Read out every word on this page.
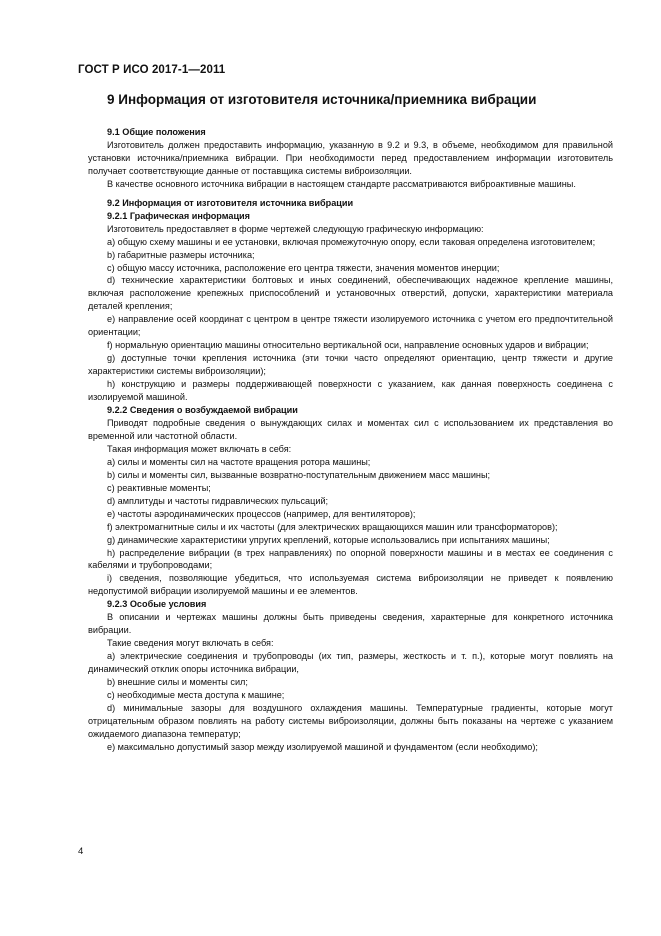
ГОСТ Р ИСО 2017-1—2011
9 Информация от изготовителя источника/приемника вибрации

9.1 Общие положения

Изготовитель должен предоставить информацию, указанную в 9.2 и 9.3, в объеме, необходимом для правильной установки источника/приемника вибрации. При необходимости перед предоставлением информации изготовитель получает соответствующие данные от поставщика системы виброизоляции.

В качестве основного источника вибрации в настоящем стандарте рассматриваются виброактивные машины.

9.2 Информация от изготовителя источника вибрации

9.2.1 Графическая информация

Изготовитель предоставляет в форме чертежей следующую графическую информацию:

a) общую схему машины и ее установки, включая промежуточную опору, если таковая определена изготовителем;

b) габаритные размеры источника;

c) общую массу источника, расположение его центра тяжести, значения моментов инерции;

d) технические характеристики болтовых и иных соединений, обеспечивающих надежное крепление машины, включая расположение крепежных приспособлений и установочных отверстий, допуски, характеристики материала деталей крепления;

e) направление осей координат с центром в центре тяжести изолируемого источника с учетом его предпочтительной ориентации;

f) нормальную ориентацию машины относительно вертикальной оси, направление основных ударов и вибрации;

g) доступные точки крепления источника (эти точки часто определяют ориентацию, центр тяжести и другие характеристики системы виброизоляции);

h) конструкцию и размеры поддерживающей поверхности с указанием, как данная поверхность соединена с изолируемой машиной.

9.2.2 Сведения о возбуждаемой вибрации

Приводят подробные сведения о вынуждающих силах и моментах сил с использованием их представления во временной или частотной области.

Такая информация может включать в себя:

a) силы и моменты сил на частоте вращения ротора машины;

b) силы и моменты сил, вызванные возвратно-поступательным движением масс машины;

c) реактивные моменты;

d) амплитуды и частоты гидравлических пульсаций;

e) частоты аэродинамических процессов (например, для вентиляторов);

f) электромагнитные силы и их частоты (для электрических вращающихся машин или трансформаторов);

g) динамические характеристики упругих креплений, которые использовались при испытаниях машины;

h) распределение вибрации (в трех направлениях) по опорной поверхности машины и в местах ее соединения с кабелями и трубопроводами;

i) сведения, позволяющие убедиться, что используемая система виброизоляции не приведет к появлению недопустимой вибрации изолируемой машины и ее элементов.

9.2.3 Особые условия

В описании и чертежах машины должны быть приведены сведения, характерные для конкретного источника вибрации.

Такие сведения могут включать в себя:

a) электрические соединения и трубопроводы (их тип, размеры, жесткость и т. п.), которые могут повлиять на динамический отклик опоры источника вибрации,

b) внешние силы и моменты сил;

c) необходимые места доступа к машине;

d) минимальные зазоры для воздушного охлаждения машины. Температурные градиенты, которые могут отрицательным образом повлиять на работу системы виброизоляции, должны быть показаны на чертеже с указанием ожидаемого диапазона температур;

e) максимально допустимый зазор между изолируемой машиной и фундаментом (если необходимо);

4
